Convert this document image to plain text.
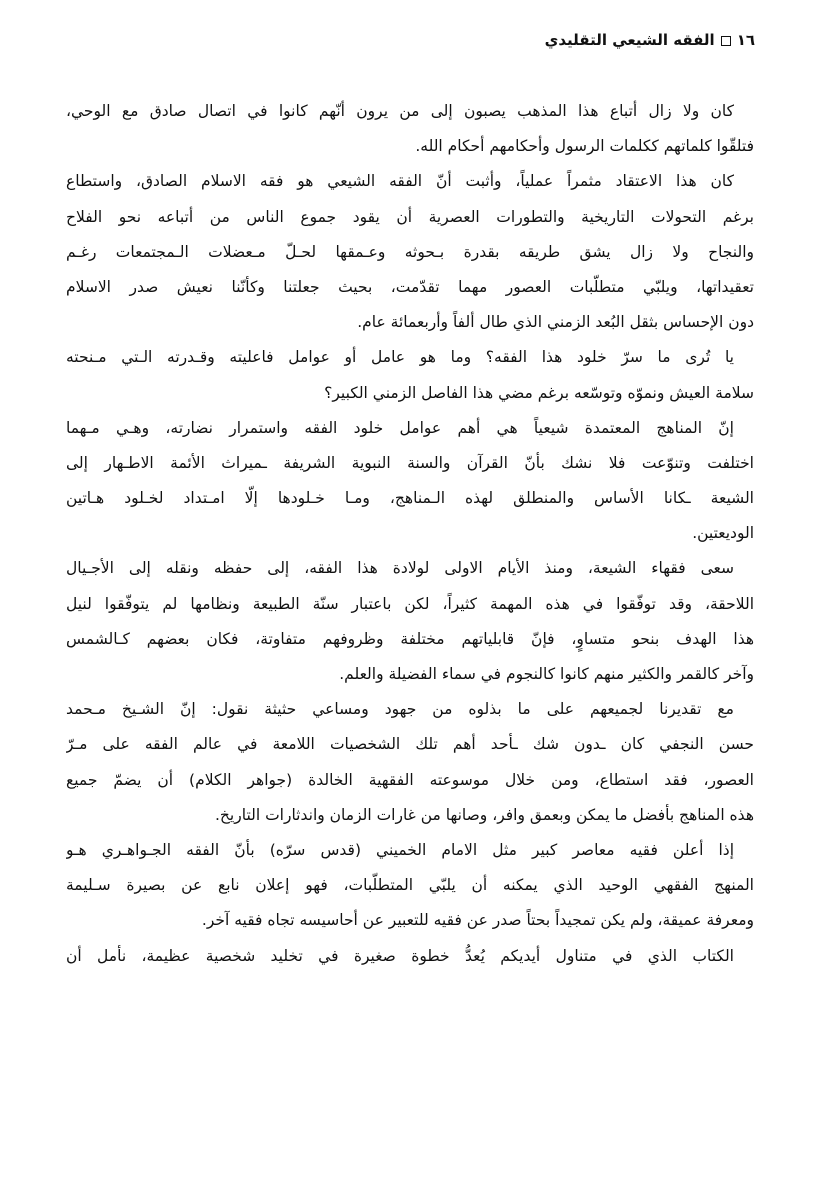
١٦الفقه الشيعي التقليدي
كان ولا زال أتباع هذا المذهب يصبون إلى من يرون أنّهم كانوا في اتصال صادق مع الوحي،
فتلقّوا كلماتهم ككلمات الرسول وأحكامهم أحكام الله.
كان هذا الاعتقاد مثمراً عملياً، وأثبت أنّ الفقه الشيعي هو فقه الاسلام الصادق، واستطاع
برغم التحولات التاريخية والتطورات العصرية أن يقود جموع الناس من أتباعه نحو الفلاح
والنجاح ولا زال يشق طريقه بقدرة بـحوثه وعـمقها لحـلّ مـعضلات الـمجتمعات رغـم
تعقيداتها، ويلبّي متطلّبات العصور مهما تقدّمت، بحيث جعلتنا وكأنّنا نعيش صدر الاسلام
دون الإحساس بثقل البُعد الزمني الذي طال ألفاً وأربعمائة عام.
يا تُرى ما سرّ خلود هذا الفقه؟ وما هو عامل أو عوامل فاعليته وقـدرته الـتي مـنحته
سلامة العيش ونموّه وتوسّعه برغم مضي هذا الفاصل الزمني الكبير؟
إنّ المناهج المعتمدة شيعياً هي أهم عوامل خلود الفقه واستمرار نضارته، وهـي مـهما
اختلفت وتنوّعت فلا نشك بأنّ القرآن والسنة النبوية الشريفة ـميراث الأئمة الاطـهار إلى
الشيعة ـكانا الأساس والمنطلق لهذه الـمناهج، ومـا خـلودها إلّا امـتداد لخـلود هـاتين
الوديعتين.
سعى فقهاء الشيعة، ومنذ الأيام الاولى لولادة هذا الفقه، إلى حفظه ونقله إلى الأجـيال
اللاحقة، وقد توفّقوا في هذه المهمة كثيراً، لكن باعتبار سنّة الطبيعة ونظامها لم يتوفّقوا لنيل
هذا الهدف بنحو متساوٍ، فإنّ قابلياتهم مختلفة وظروفهم متفاوتة، فكان بعضهم كـالشمس
وآخر كالقمر والكثير منهم كانوا كالنجوم في سماء الفضيلة والعلم.
مع تقديرنا لجميعهم على ما بذلوه من جهود ومساعي حثيثة نقول: إنّ الشـيخ مـحمد
حسن النجفي كان ـدون شك ـأحد أهم تلك الشخصيات اللامعة في عالم الفقه على مـرّ
العصور، فقد استطاع، ومن خلال موسوعته الفقهية الخالدة (جواهر الكلام) أن يضمّ جميع
هذه المناهج بأفضل ما يمكن وبعمق وافر، وصانها من غارات الزمان واندثارات التاريخ.
إذا أعلن فقيه معاصر كبير مثل الامام الخميني (قدس سرّه) بأنّ الفقه الجـواهـري هـو
المنهج الفقهي الوحيد الذي يمكنه أن يلبّي المتطلّبات، فهو إعلان نابع عن بصيرة سـليمة
ومعرفة عميقة، ولم يكن تمجيداً بحتاً صدر عن فقيه للتعبير عن أحاسيسه تجاه فقيه آخر.
الكتاب الذي في متناول أيديكم يُعدُّ خطوة صغيرة في تخليد شخصية عظيمة، نأمل أن
